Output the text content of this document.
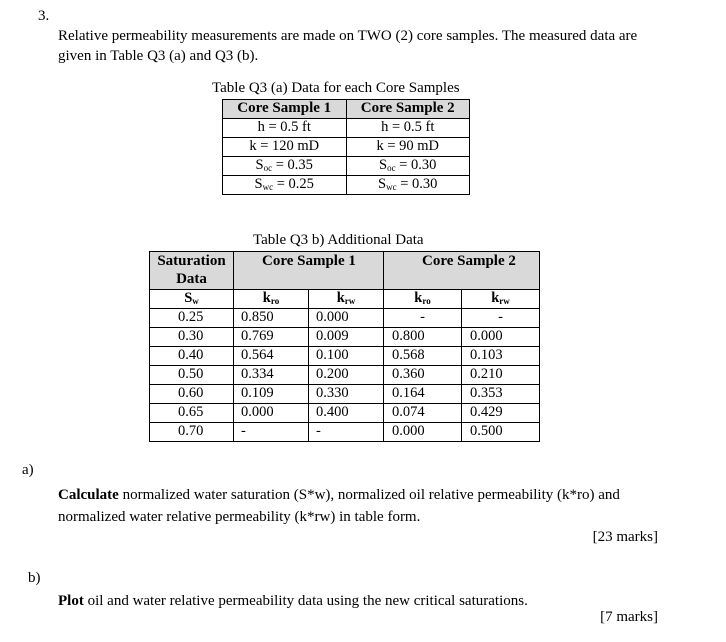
3.
Relative permeability measurements are made on TWO (2) core samples. The measured data are given in Table Q3 (a) and Q3 (b).
Table Q3 (a) Data for each Core Samples
Core Sample 1	Core Sample 2
h = 0.5 ft	h = 0.5 ft
k = 120 mD	k = 90 mD
$S_{oc} = 0.35$	$S_{oc} = 0.30$
$S_{wc} = 0.25$	$S_{wc} = 0.30$
Table Q3 b) Additional Data
Saturation Data	Core Sample 1		Core Sample 2	
$S_w$	$k_{ro}$	$k_{rw}$	$k_{ro}$	$k_{rw}$
0.25	0.850	0.000	-	-
0.30	0.769	0.009	0.800	0.000
0.40	0.564	0.100	0.568	0.103
0.50	0.334	0.200	0.360	0.210
0.60	0.109	0.330	0.164	0.353
0.65	0.000	0.400	0.074	0.429
0.70	-	-	0.000	0.500
a)
Calculate normalized water saturation (S*w), normalized oil relative permeability (k*ro) and normalized water relative permeability (k*rw) in table form.
[23 marks]
b)
Plot oil and water relative permeability data using the new critical saturations.
[7 marks]
